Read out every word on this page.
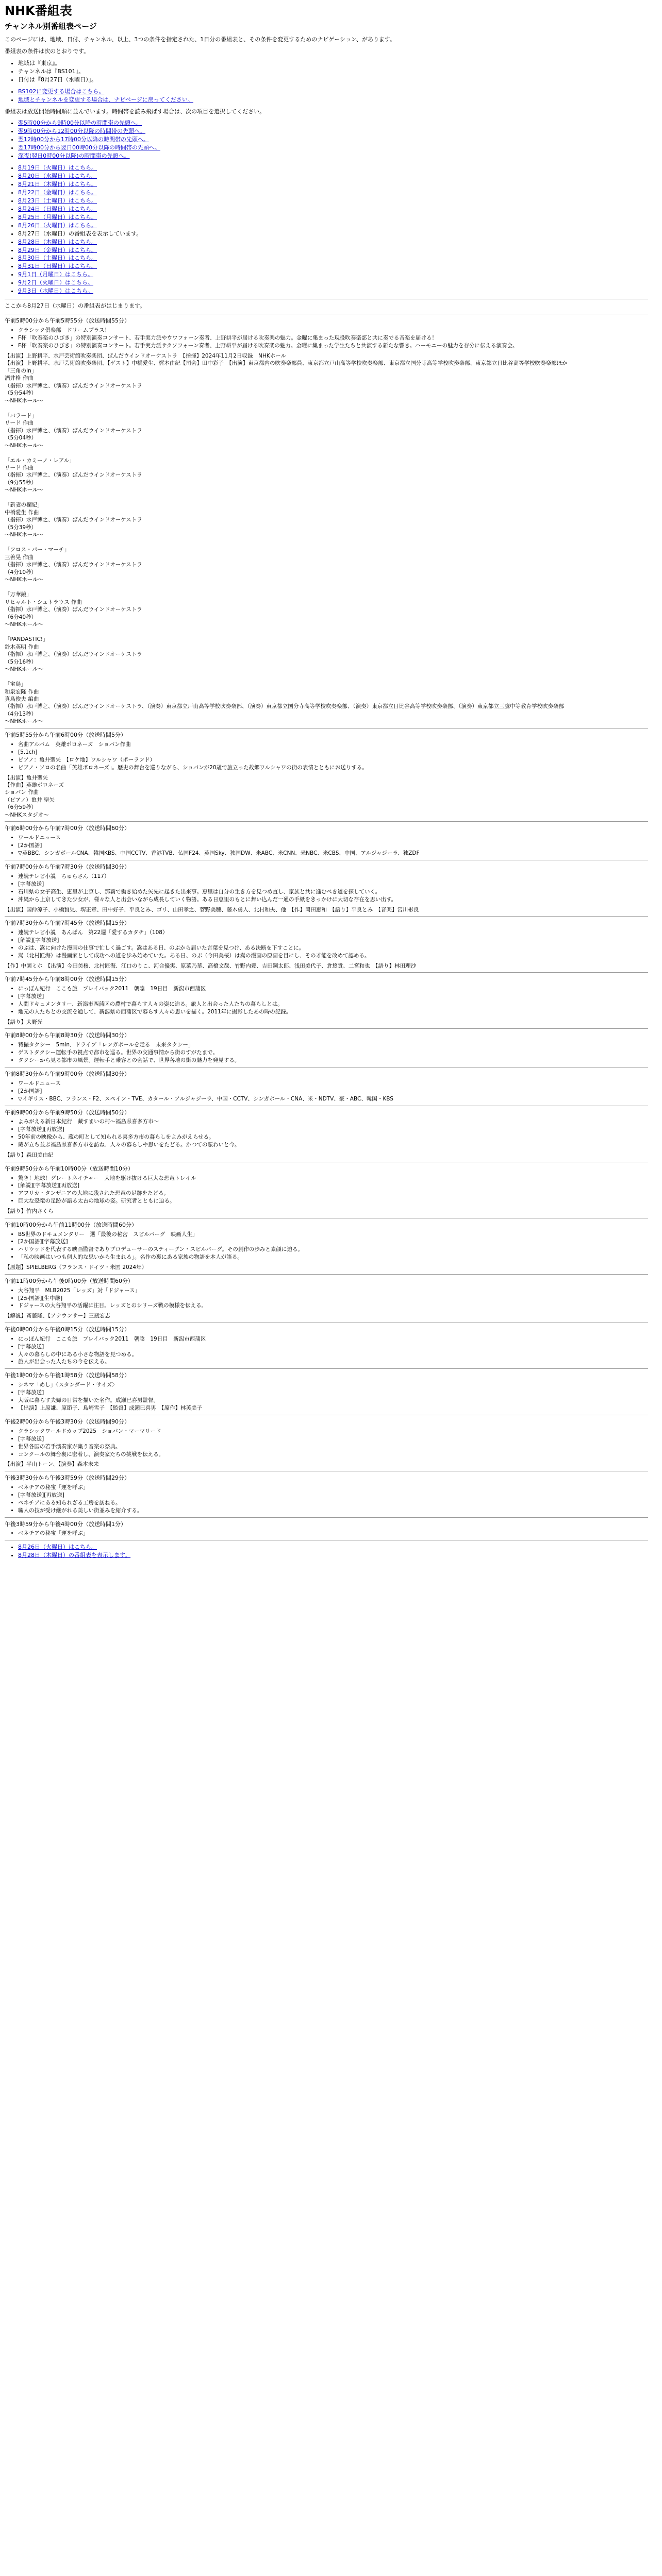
NHK番組表
チャンネル別番組表ページ

このページには、地域、日付、チャンネル、以上、3つの条件を指定された、1日分の番組表と、その条件を変更するためのナビゲーション、があります。

番組表の条件は次のとおりです。

• 地域は『東京』。
• チャンネルは『BS101』。
• 日付は『8月27日（水曜日）』。
• BS102に変更する場合はこちら。
• 地域とチャンネルを変更する場合は、ナビページに戻ってください。

番組表は放送開始時間順に並んでいます。時間帯を読み飛ばす場合は、次の項目を選択してください。

• 翌5時00分から9時00分以降の時間帯の先頭へ。
• 翌9時00分から12時00分以降の時間帯の先頭へ。
• 翌12時00分から17時00分以降の時間帯の先頭へ。
• 翌17時00分から翌日00時00分以降の時間帯の先頭へ。
• 深夜(翌日0時00分以降)の時間帯の先頭へ。
• 8月19日（火曜日）はこちら。
• 8月20日（水曜日）はこちら。
• 8月21日（木曜日）はこちら。
• 8月22日（金曜日）はこちら。
• 8月23日（土曜日）はこちら。
• 8月24日（日曜日）はこちら。
• 8月25日（月曜日）はこちら。
• 8月26日（火曜日）はこちら。
• 8月27日（水曜日）の番組表を表示しています。
• 8月28日（木曜日）はこちら。
• 8月29日（金曜日）はこちら。
• 8月30日（土曜日）はこちら。
• 8月31日（日曜日）はこちら。
• 9月1日（月曜日）はこちら。
• 9月2日（火曜日）はこちら。
• 9月3日（水曜日）はこちら。

ここから8月27日（水曜日）の番組表がはじまります。

午前5時00分から午前5時55分（放送時間55分）

• クラシック倶楽部　ドリームプラス！
• F杯「吹奏楽のひびき」の特別演奏コンサート、若手実力派やウワフォーン奏者、上野耕平が届ける吹奏楽の魅力。金曜に集まった現役吹奏楽部と共に奏でる音楽を届ける！
• F杯「吹奏楽のひびき」の特別演奏コンサート。若手実力派サクソフォーン奏者、上野耕平が届ける吹奏楽の魅力。金曜に集まった学生たちと共演する新たな響き。ハーモニーの魅力を存分に伝える演奏会。

【出演】上野耕平、水戸芸術館吹奏楽団、ぱんだウインドオーケストラ　【指揮】2024年11月2日収録　NHKホール
【出演】上野耕平、水戸芸術館吹奏楽団、【ゲスト】中橋愛生、梶本由紀【司会】田中彩子　【出演】東京都内の吹奏楽部員、東京都立戸山高等学校吹奏楽部、東京都立国分寺高等学校吹奏楽部、東京都立日比谷高等学校吹奏楽部ほか
「三角のIn」
酒井格 作曲
（指揮）水戸博之、（演奏）ぱんだウインドオーケストラ
（5分54秒）
〜NHKホール〜

「バラード」
リード 作曲
（指揮）水戸博之、（演奏）ぱんだウインドオーケストラ
（5分04秒）
〜NHKホール〜

「エル・カミーノ・レアル」
リード 作曲
（指揮）水戸博之、（演奏）ぱんだウインドオーケストラ
（9分55秒）
〜NHKホール〜

「新妻の欄妃」
中橋愛生 作曲
（指揮）水戸博之、（演奏）ぱんだウインドオーケストラ
（5分39秒）
〜NHKホール〜

「フロス・パー・マーチ」
三善晃 作曲
（指揮）水戸博之、（演奏）ぱんだウインドオーケストラ
（4分10秒）
〜NHKホール〜

「万華鏡」
リヒャルト・シュトラウス 作曲
（指揮）水戸博之、（演奏）ぱんだウインドオーケストラ
（6分40秒）
〜NHKホール〜

「PANDASTIC!」
鈴木英明 作曲
（指揮）水戸博之、（演奏）ぱんだウインドオーケストラ
（5分16秒）
〜NHKホール〜

「宝島」
和泉宏隆 作曲
真島俊夫 編曲
（指揮）水戸博之、（演奏）ぱんだウインドオーケストラ、（演奏）東京都立戸山高等学校吹奏楽部、（演奏）東京都立国分寺高等学校吹奏楽部、（演奏）東京都立日比谷高等学校吹奏楽部、（演奏）東京都立三鷹中等教育学校吹奏楽部
（4分13秒）
〜NHKホール〜

午前5時55分から午前6時00分（放送時間5分）

• 名曲アルバム　英雄ポロネーズ　ショパン作曲
• [5.1ch]
• ピアノ：亀井聖矢　【ロケ地】ワルシャワ（ポーランド）
• ピアノ・ソロの名曲「英雄ポロネーズ」。歴史の舞台を巡りながら、ショパンが20歳で旅立った故郷ワルシャワの街の表情とともにお送りする。

【出演】亀井聖矢
【作曲】英雄ポロネーズ
ショパン 作曲
（ピアノ）亀井 聖矢
（6分59秒）
〜NHKスタジオ〜

午前6時00分から午前7時00分（放送時間60分）

• ワールドニュース
• [2か国語]
• ▽英BBC、シンガポールCNA、韓国KBS、中国CCTV、香港TVB、仏国F24、英国Sky、独国DW、米ABC、米CNN、米NBC、米CBS、中国、アルジャジーラ、独ZDF

午前7時00分から午前7時30分（放送時間30分）

• 連続テレビ小説　ちゅらさん（117）
• [字幕放送]
• 石川県の女子高生、恵里が上京し、那覇で働き始めた矢先に起きた出来事。恵里は自分の生き方を見つめ直し、家族と共に進むべき道を探していく。
• 沖縄から上京してきた少女が、様々な人と出会いながら成長していく物語。ある日恵里のもとに舞い込んだ一通の手紙をきっかけに大切な存在を思い出す。

【出演】国仲涼子、小橋賢児、堺正章、田中好子、平良とみ、ゴリ、山田孝之、菅野美穂、藤木勇人、北村和夫、他　【作】岡田惠和　【語り】平良とみ　【音楽】宮川彬良

午前7時30分から午前7時45分（放送時間15分）

• 連続テレビ小説　あんぱん　第22週「愛するカタチ」（108）
• [解説][字幕放送]
• のぶは、嵩に向けた漫画の仕事で忙しく過ごす。嵩はある日、のぶから届いた言葉を見つけ、ある決断を下すことに。
• 嵩（北村匠海）は漫画家として成功への道を歩み始めていた。ある日、のぶ（今田美桜）は嵩の漫画の原画を目にし、その才能を改めて認める。

【作】中園ミホ　【出演】今田美桜、北村匠海、江口のりこ、河合優実、原菜乃華、高橋文哉、竹野内豊、吉田鋼太郎、浅田美代子、倉悠貴、二宮和也　【語り】林田理沙

午前7時45分から午前8時00分（放送時間15分）

• にっぽん紀行　ここも旅　ブレイバック2011　朝陰　19日目　新潟市西蒲区
• [字幕放送]
• 人間ドキュメンタリー、新潟市西蒲区の農村で暮らす人々の姿に迫る。旅人と出会った人たちの暮らしとは。
• 地元の人たちとの交流を通して、新潟県の西蒲区で暮らす人々の思いを描く。2011年に撮影したあの時の記録。

【語り】大野光

午前8時00分から午前8時30分（放送時間30分）

• 特撮タクシー　5min．ドライブ「レンガポールを走る　未来タクシー」
• ゲストタクシー運転手の視点で都市を巡る。世界の交通事情から街のすがたまで。
• タクシーから見る都市の風景。運転手と乗客との会話で、世界各地の街の魅力を発見する。

午前8時30分から午前9時00分（放送時間30分）

• ワールドニュース
• [2か国語]
• ▽イギリス・BBC、フランス・F2、スペイン・TVE、カタール・アルジャジーラ、中国・CCTV、シンガポール・CNA、米・NDTV、豪・ABC、韓国・KBS

午前9時00分から午前9時50分（放送時間50分）

• よみがえる新日本紀行　藏すまいの村〜福島県喜多方市〜
• [字幕放送][再放送]
• 50年前の映像から、蔵の町として知られる喜多方市の暮らしをよみがえらせる。
• 蔵が立ち並ぶ福島県喜多方市を訪ね、人々の暮らしや思いをたどる。かつての賑わいと今。

【語り】森田美由紀

午前9時50分から午前10時00分（放送時間10分）

• 驚き！地球！グレートネイチャー　大地を駆け抜ける巨大な恐竜トレイル
• [解説][字幕放送][再放送]
• アフリカ・タンザニアの大地に残された恐竜の足跡をたどる。
• 巨大な恐竜の足跡が語る太古の地球の姿。研究者とともに迫る。

【語り】竹内さくら

午前10時00分から午前11時00分（放送時間60分）

• BS世界のドキュメンタリー　選「最後の秘密　スピルバーグ　映画人生」
• [2か国語][字幕放送]
• ハリウッドを代表する映画監督でありプロデューサーのスティーブン・スピルバーグ。その創作の歩みと素顔に迫る。
• 「私の映画はいつも個人的な思いから生まれる」。名作の裏にある家族の物語を本人が語る。

【原題】SPIELBERG（フランス・ドイツ・米国 2024年）

午前11時00分から午後0時00分（放送時間60分）

• 大谷翔平　MLB2025「レッズ」対「ドジャース」
• [2か国語][生中継]
• ドジャースの大谷翔平の活躍に注目。レッズとのシリーズ戦の模様を伝える。

【解説】斎藤隆、【アナウンサー】三瓶宏志

午後0時00分から午後0時15分（放送時間15分）

• にっぽん紀行　ここも旅　ブレイバック2011　朝陰　19日目　新潟市西蒲区
• [字幕放送]
• 人々の暮らしの中にある小さな物語を見つめる。
• 旅人が出会った人たちの今を伝える。

午後1時00分から午後1時58分（放送時間58分）

• シネマ「めし」〈スタンダード・サイズ〉
• [字幕放送]
• 大阪に暮らす夫婦の日常を描いた名作。成瀬巳喜男監督。
• 【出演】上原謙、原節子、島崎雪子　【監督】成瀬巳喜男　【原作】林芙美子

午後2時00分から午後3時30分（放送時間90分）

• クラシックワールドカップ2025　ショパン・マーマリード
• [字幕放送]
• 世界各国の若手演奏家が集う音楽の祭典。
• コンクールの舞台裏に密着し、演奏家たちの挑戦を伝える。

【出演】平山トーン、【演奏】森本未来

午後3時30分から午後3時59分（放送時間29分）

• ベネチアの秘宝「運を呼ぶ」
• [字幕放送][再放送]
• ベネチアにある知られざる工房を訪ねる。
• 職人の技が受け継がれる美しい街並みを紹介する。

午後3時59分から午後4時00分（放送時間1分）

• ベネチアの秘宝「運を呼ぶ」
• 8月26日（火曜日）はこちら。
• 8月28日（木曜日）の番組表を表示します。
